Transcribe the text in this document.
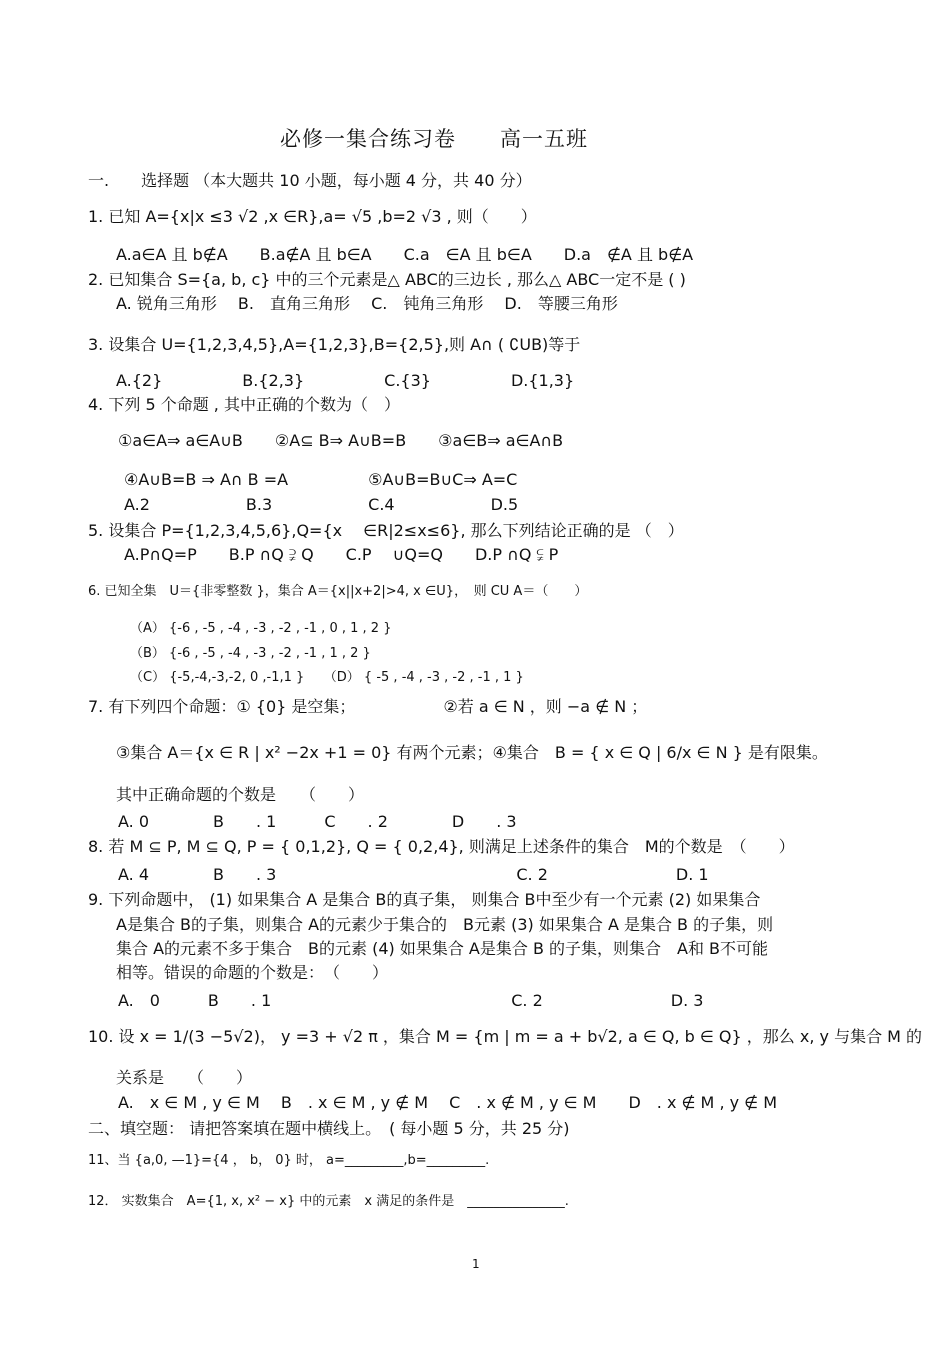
必修一集合练习卷　　高一五班
一.　　选择题 （本大题共 10 小题，每小题 4 分，共 40 分）
1. 已知 A={x|x ≤3 √2 ,x ∈R},a= √5 ,b=2 √3 , 则（　　）
A.a∈A 且 b∉A　　B.a∉A 且 b∈A　　C.a　∈A 且 b∈A　　D.a　∉A 且 b∉A
2. 已知集合 S={a, b, c} 中的三个元素是△ ABC的三边长 , 那么△ ABC一定不是 ( )
A. 锐角三角形　 B.　直角三角形　 C.　钝角三角形　 D.　等腰三角形
3. 设集合 U={1,2,3,4,5},A={1,2,3},B={2,5},则 A∩ ( ∁UB)等于
A.{2}　　　　　B.{2,3}　　　　　C.{3}　　　　　D.{1,3}
4. 下列 5 个命题 , 其中正确的个数为（　）
①a∈A⇒ a∈A∪B　　②A⊆ B⇒ A∪B=B　　③a∈B⇒ a∈A∩B
④A∪B=B ⇒ A∩ B =A　　　　　⑤A∪B=B∪C⇒ A=C
A.2　　　　　　B.3　　　　　　C.4　　　　　　D.5
5. 设集合 P={1,2,3,4,5,6},Q={x　 ∈R|2≤x≤6}, 那么下列结论正确的是 （　）
A.P∩Q=P　　B.P ∩Q ⫌ Q　　C.P　 ∪Q=Q　　D.P ∩Q ⫋ P
6. 已知全集　U＝{非零整数 }，集合 A＝{x||x+2|>4, x ∈U}，　则 CU A＝（　　）
（A） {-6 , -5 , -4 , -3 , -2 , -1 , 0 , 1 , 2 }
（B） {-6 , -5 , -4 , -3 , -2 , -1 , 1 , 2 }
（C） {-5,-4,-3,-2, 0 ,-1,1 }　　（D） { -5 , -4 , -3 , -2 , -1 , 1 }
7. 有下列四个命题：① {0} 是空集；　　　　　　②若 a ∈ N ，则 −a ∉ N ；
③集合 A＝{x ∈ R | x² −2x +1 = 0} 有两个元素；④集合　B = { x ∈ Q | 6/x ∈ N } 是有限集。
其中正确命题的个数是　　（　　）
A. 0　　　　B　　. 1　　　C　　. 2　　　　D　　. 3
8. 若 M ⊆ P, M ⊆ Q, P = { 0,1,2}, Q = { 0,2,4}, 则满足上述条件的集合　M的个数是　（　　）
A. 4　　　　B　　. 3　　　　　　　　　　　　　　　C. 2　　　　　　　　D. 1
9. 下列命题中， (1) 如果集合 A 是集合 B的真子集， 则集合 B中至少有一个元素 (2) 如果集合
A是集合 B的子集，则集合 A的元素少于集合的　B元素 (3) 如果集合 A 是集合 B 的子集，则
集合 A的元素不多于集合　B的元素 (4) 如果集合 A是集合 B 的子集，则集合　A和 B不可能
相等。错误的命题的个数是：　（　　）
A.　0　　　B　　. 1　　　　　　　　　　　　　　　C. 2　　　　　　　　D. 3
10. 设 x = 1/(3 −5√2)， y =3 + √2 π ，集合 M = {m | m = a + b√2, a ∈ Q, b ∈ Q} ，那么 x, y 与集合 M 的
关系是　　（　　）
A.　x ∈ M , y ∈ M　 B　. x ∈ M , y ∉ M　 C　. x ∉ M , y ∈ M　　D　. x ∉ M , y ∉ M
二、填空题： 请把答案填在题中横线上。　( 每小题 5 分，共 25 分)
11、当 {a,0, —1}={4 ， b， 0} 时， a=_________,b=_________.
12． 实数集合　A={1, x, x² − x} 中的元素　x 满足的条件是　_______________.
1
